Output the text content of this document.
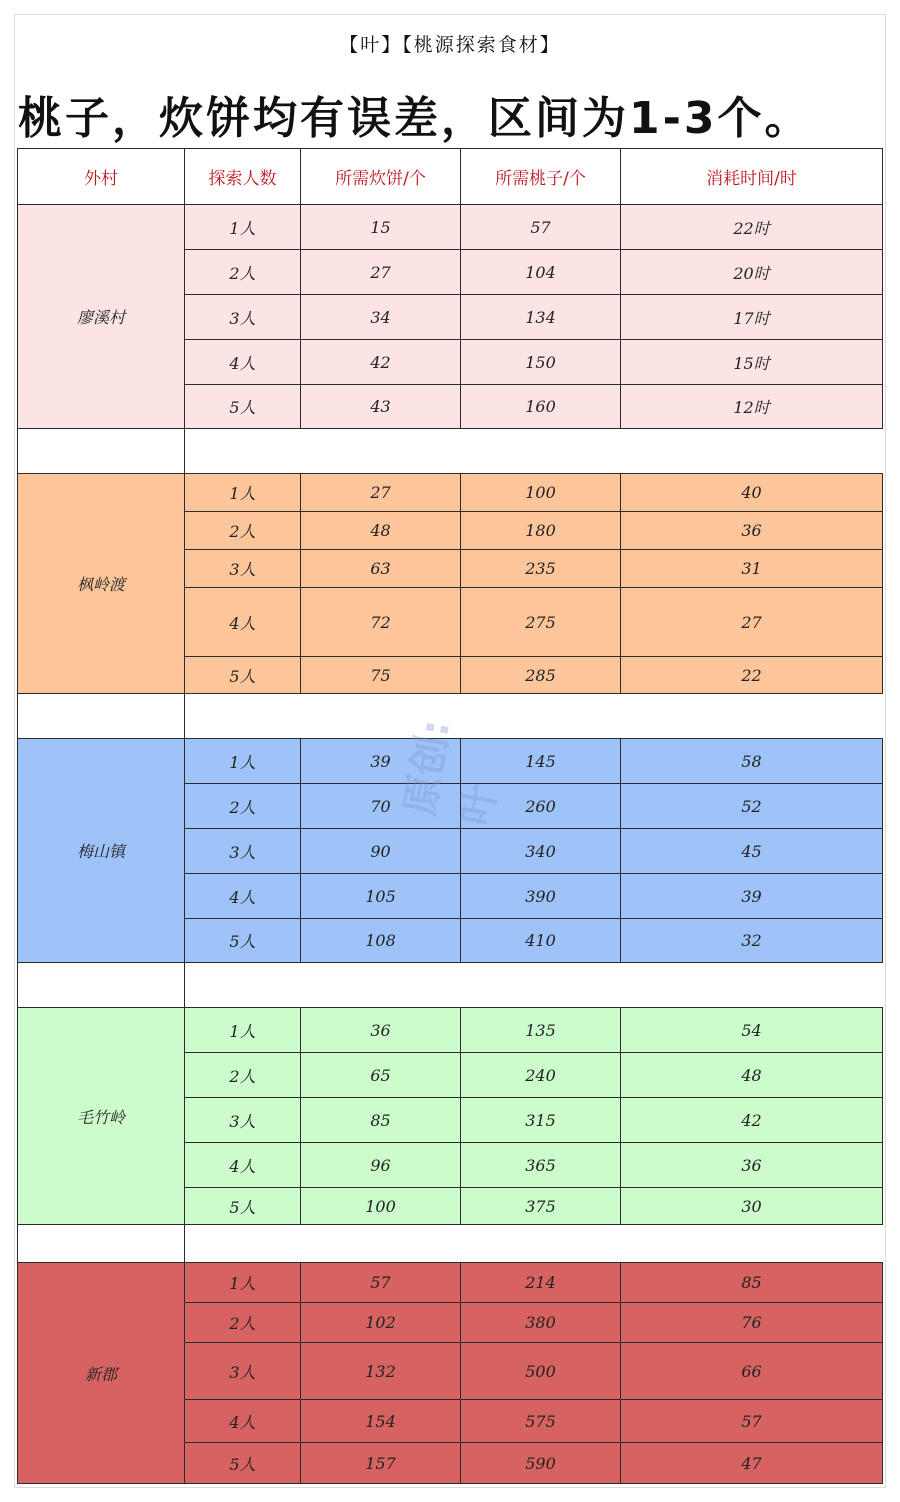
【叶】【桃源探索食材】
桃子，炊饼均有误差，区间为1-3个。
外村	探索人数	所需炊饼/个	所需桃子/个	消耗时间/时
廖溪村	1人	15	57	22时
	2人	27	104	20时
	3人	34	134	17时
	4人	42	150	15时
	5人	43	160	12时

枫岭渡	1人	27	100	40
	2人	48	180	36
	3人	63	235	31
	4人	72	275	27
	5人	75	285	22

梅山镇	1人	39	145	58
	2人	70	260	52
	3人	90	340	45
	4人	105	390	39
	5人	108	410	32

毛竹岭	1人	36	135	54
	2人	65	240	48
	3人	85	315	42
	4人	96	365	36
	5人	100	375	30

新郡	1人	57	214	85
	2人	102	380	76
	3人	132	500	66
	4人	154	575	57
	5人	157	590	47
原创:叶
